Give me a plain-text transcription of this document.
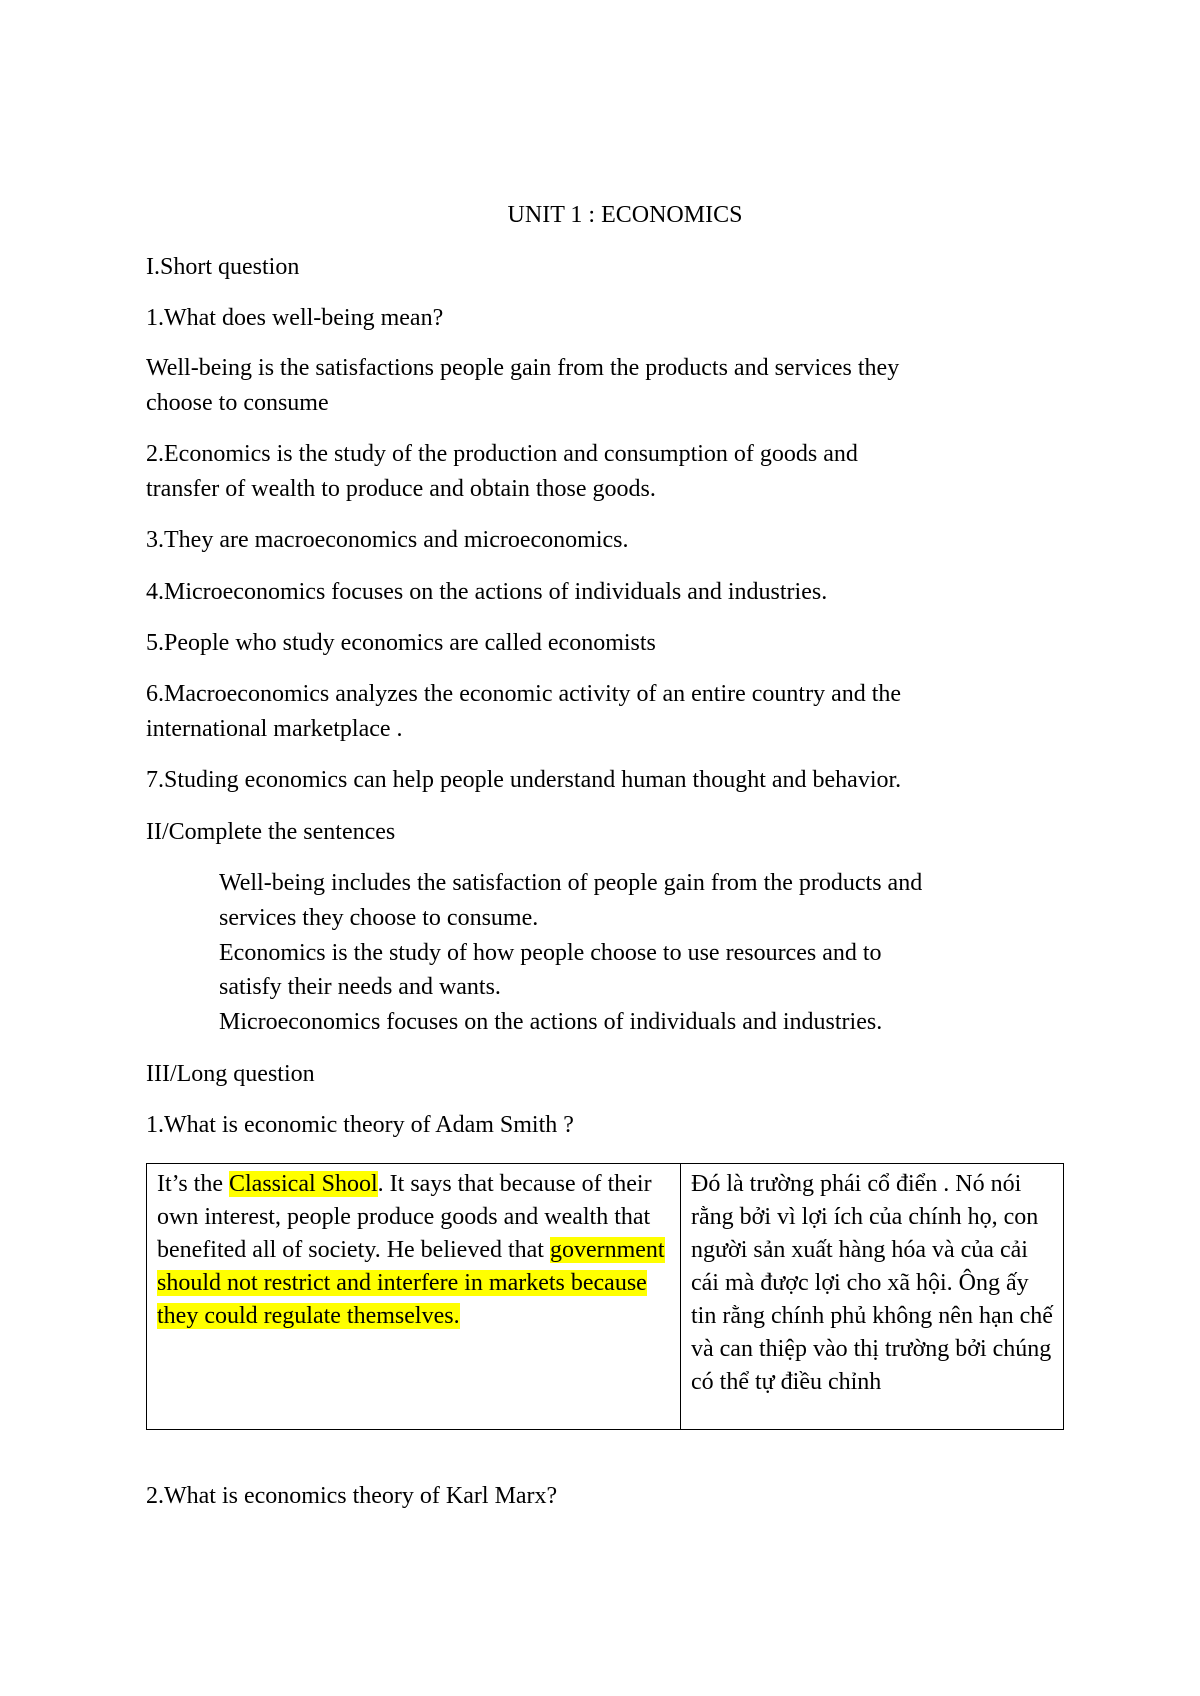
UNIT 1 : ECONOMICS
I.Short question
1.What does well-being mean?
Well-being is the satisfactions people gain from the products and services they
choose to consume
2.Economics is the study of the production and consumption of goods and
transfer of wealth to produce and obtain those goods.
3.They are macroeconomics and microeconomics.
4.Microeconomics focuses on the actions of individuals and industries.
5.People who study economics are called economists
6.Macroeconomics analyzes the economic activity of an entire country and the
international marketplace .
7.Studing economics can help people understand human thought and behavior.
II/Complete the sentences
Well-being includes the satisfaction of people gain from the products and
services they choose to consume.
Economics is the study of how people choose to use resources and to
satisfy their needs and wants.
Microeconomics focuses on the actions of individuals and industries.
III/Long question
1.What is economic theory of Adam Smith ?
It’s the Classical Shool. It says that because of their own interest, people produce goods and wealth that benefited all of society. He believed that government should not restrict and interfere in markets because they could regulate themselves.
Đó là trường phái cổ điển . Nó nói rằng bởi vì lợi ích của chính họ, con người sản xuất hàng hóa và của cải cái mà được lợi cho xã hội. Ông ấy tin rằng chính phủ không nên hạn chế và can thiệp vào thị trường bởi chúng có thể tự điều chỉnh
2.What is economics theory of Karl Marx?
